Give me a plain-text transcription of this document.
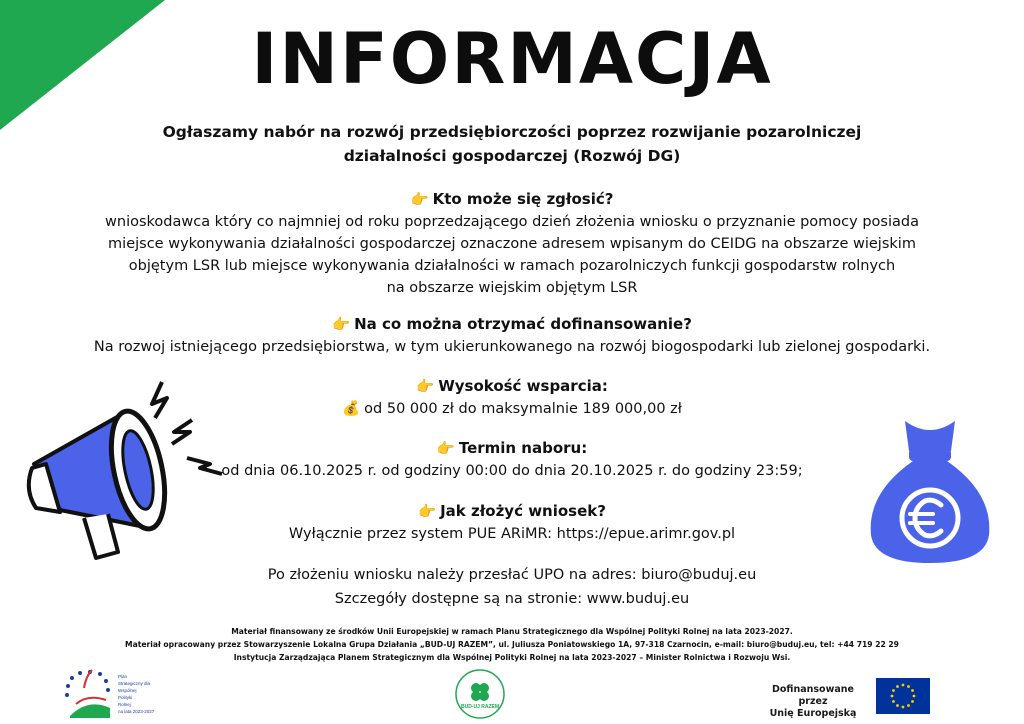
INFORMACJA

Ogłaszamy nabór na rozwój przedsiębiorczości poprzez rozwijanie pozarolniczej działalności gospodarczej (Rozwój DG)

👉 Kto może się zgłosić?
wnioskodawca który co najmniej od roku poprzedzającego dzień złożenia wniosku o przyznanie pomocy posiada
miejsce wykonywania działalności gospodarczej oznaczone adresem wpisanym do CEIDG na obszarze wiejskim
objętym LSR lub miejsce wykonywania działalności w ramach pozarolniczych funkcji gospodarstw rolnych
na obszarze wiejskim objętym LSR
👉 Na co można otrzymać dofinansowanie?
Na rozwoj istniejącego przedsiębiorstwa, w tym ukierunkowanego na rozwój biogospodarki lub zielonej gospodarki.
👉 Wysokość wsparcia:
💰 od 50 000 zł do maksymalnie 189 000,00 zł
👉 Termin naboru:
od dnia 06.10.2025 r. od godziny 00:00 do dnia 20.10.2025 r. do godziny 23:59;
👉 Jak złożyć wniosek?
Wyłącznie przez system PUE ARiMR: https://epue.arimr.gov.pl
Po złożeniu wniosku należy przesłać UPO na adres: biuro@buduj.eu
Szczegóły dostępne są na stronie: www.buduj.eu
Materiał finansowany ze środków Unii Europejskiej w ramach Planu Strategicznego dla Wspólnej Polityki Rolnej na lata 2023-2027.
Materiał opracowany przez Stowarzyszenie Lokalna Grupa Działania „BUD-UJ RAZEM”, ul. Juliusza Poniatowskiego 1A, 97-318 Czarnocin, e-mail: biuro@buduj.eu, tel: +44 719 22 29
Instytucja Zarządzająca Planem Strategicznym dla Wspólnej Polityki Rolnej na lata 2023-2027 – Minister Rolnictwa i Rozwoju Wsi.
Plan
Strategiczny dla
Wspólnej
Polityki
Rolnej
na lata 2023-2027
BUD-UJ RAZEM
Dofinansowane przez
Unię Europejską
